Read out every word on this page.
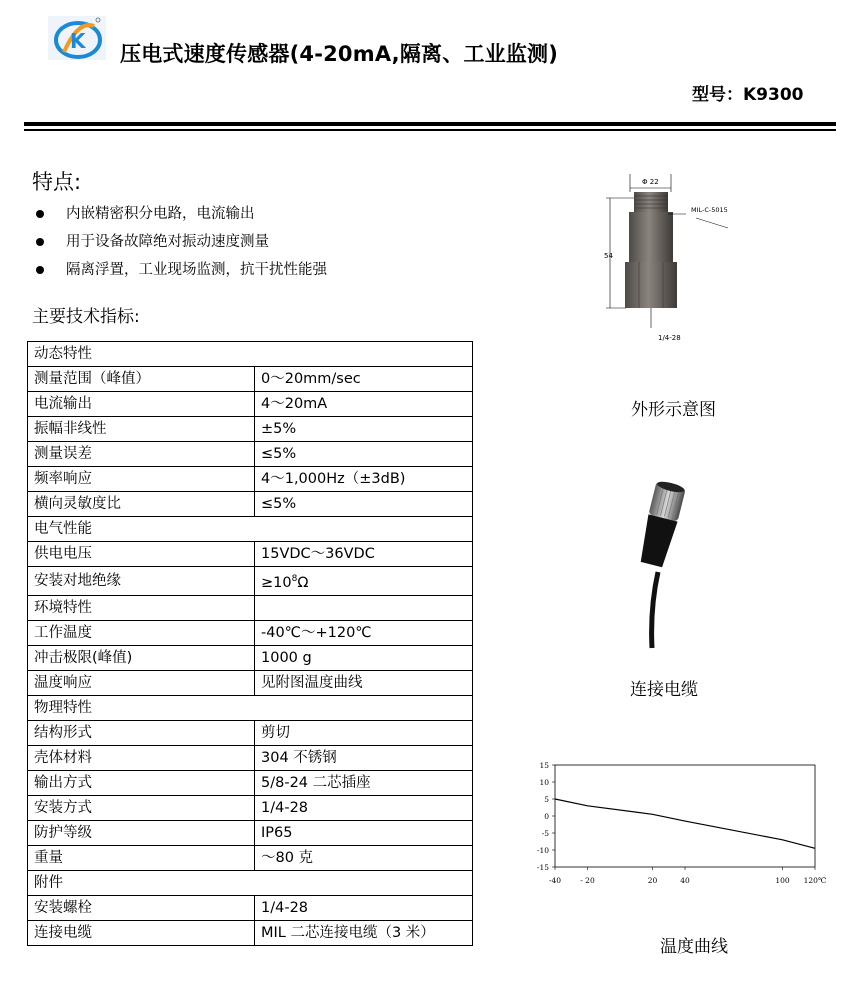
K
压电式速度传感器(4-20mA,隔离、工业监测)
型号：K9300
特点:
内嵌精密积分电路，电流输出
用于设备故障绝对振动速度测量
隔离浮置，工业现场监测，抗干扰性能强
主要技术指标:
动态特性	
测量范围（峰值）	0～20mm/sec
电流输出	4～20mA
振幅非线性	±5%
测量误差	≤5%
频率响应	4～1,000Hz（±3dB)
横向灵敏度比	≤5%
电气性能	
供电电压	15VDC～36VDC
安装对地绝缘	$\ge 10^8\Omega$
环境特性	
工作温度	-40℃～+120℃
冲击极限(峰值)	1000 g
温度响应	见附图温度曲线
物理特性	
结构形式	剪切
壳体材料	304 不锈钢
输出方式	5/8-24 二芯插座
安装方式	1/4-28
防护等级	IP65
重量	～80 克
附件	
安装螺栓	1/4-28
连接电缆	MIL 二芯连接电缆（3 米）
Φ 22
54
MIL-C-5015
1/4-28
外形示意图
连接电缆
15
10
5
0
-5
-10
-15
-40	- 20	20	40	100 120℃
温度曲线
